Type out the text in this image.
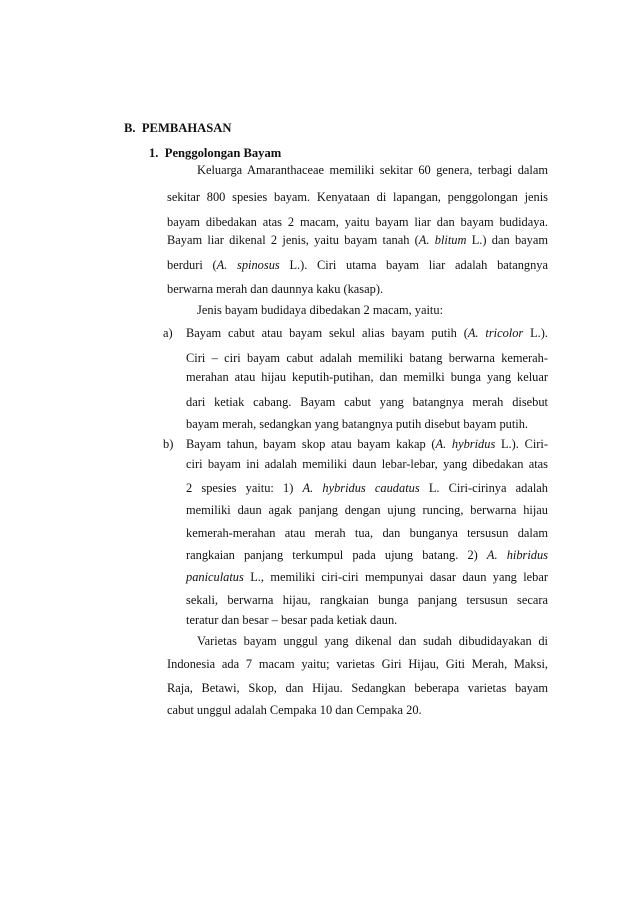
B. PEMBAHASAN
1. Penggolongan Bayam
Keluarga Amaranthaceae memiliki sekitar 60 genera, terbagi dalam
sekitar 800 spesies bayam. Kenyataan di lapangan, penggolongan jenis
bayam dibedakan atas 2 macam, yaitu bayam liar dan bayam budidaya.
Bayam liar dikenal 2 jenis, yaitu bayam tanah (A. blitum L.) dan bayam
berduri (A. spinosus L.). Ciri utama bayam liar adalah batangnya
berwarna merah dan daunnya kaku (kasap).
Jenis bayam budidaya dibedakan 2 macam, yaitu:
a) Bayam cabut atau bayam sekul alias bayam putih (A. tricolor L.).
Ciri – ciri bayam cabut adalah memiliki batang berwarna kemerah-
merahan atau hijau keputih-putihan, dan memilki bunga yang keluar
dari ketiak cabang. Bayam cabut yang batangnya merah disebut
bayam merah, sedangkan yang batangnya putih disebut bayam putih.
b) Bayam tahun, bayam skop atau bayam kakap (A. hybridus L.). Ciri-
ciri bayam ini adalah memiliki daun lebar-lebar, yang dibedakan atas
2 spesies yaitu: 1) A. hybridus caudatus L. Ciri-cirinya adalah
memiliki daun agak panjang dengan ujung runcing, berwarna hijau
kemerah-merahan atau merah tua, dan bunganya tersusun dalam
rangkaian panjang terkumpul pada ujung batang. 2) A. hibridus
paniculatus L., memiliki ciri-ciri mempunyai dasar daun yang lebar
sekali, berwarna hijau, rangkaian bunga panjang tersusun secara
teratur dan besar – besar pada ketiak daun.
Varietas bayam unggul yang dikenal dan sudah dibudidayakan di
Indonesia ada 7 macam yaitu; varietas Giri Hijau, Giti Merah, Maksi,
Raja, Betawi, Skop, dan Hijau. Sedangkan beberapa varietas bayam
cabut unggul adalah Cempaka 10 dan Cempaka 20.
